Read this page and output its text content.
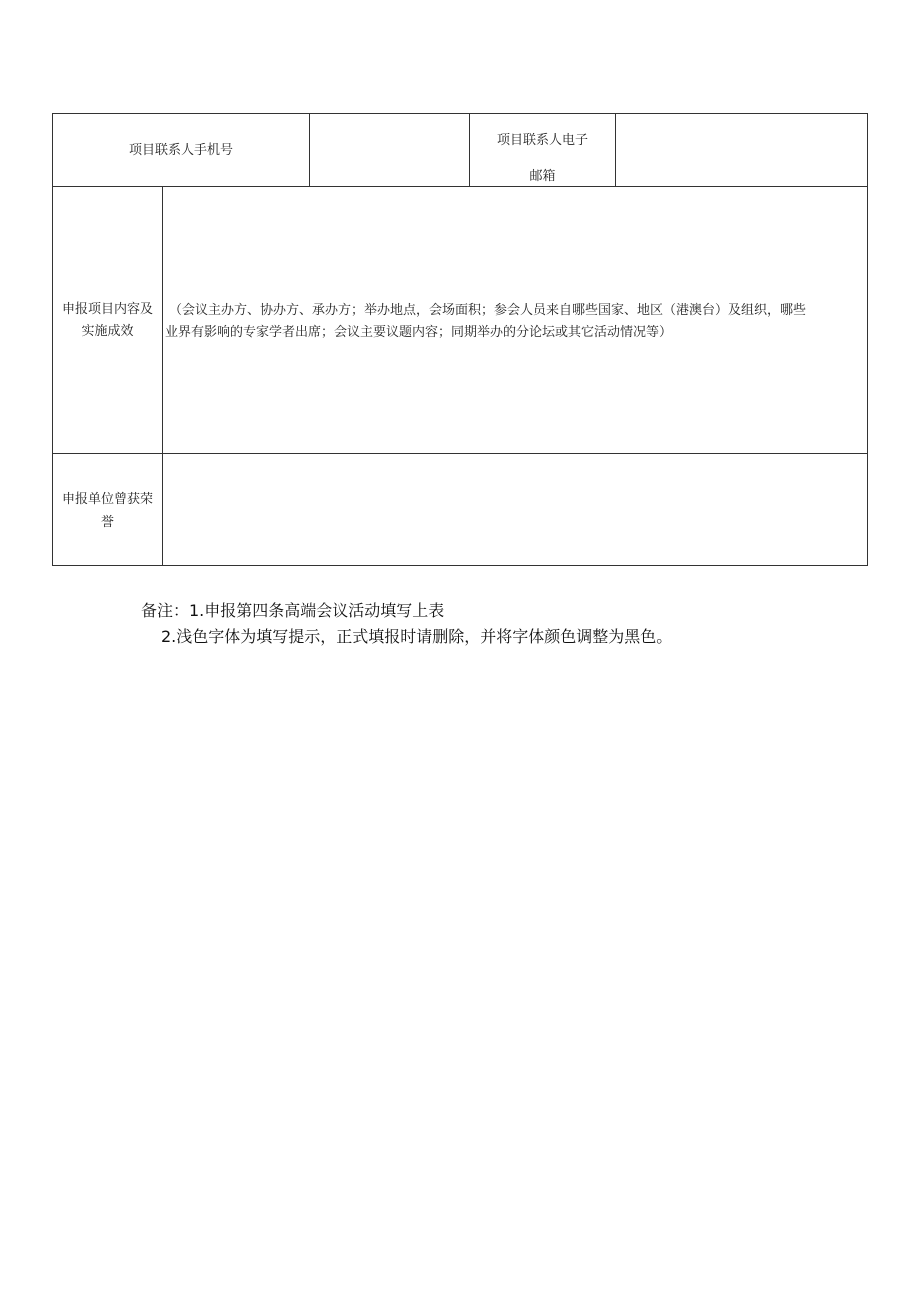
项目联系人手机号
项目联系人电子
邮箱
申报项目内容及
实施成效
（会议主办方、协办方、承办方；举办地点，会场面积；参会人员来自哪些国家、地区（港澳台）及组织，哪些
业界有影响的专家学者出席；会议主要议题内容；同期举办的分论坛或其它活动情况等）
申报单位曾获荣
誉
备注：1.申报第四条高端会议活动填写上表
2.浅色字体为填写提示，正式填报时请删除，并将字体颜色调整为黑色。
